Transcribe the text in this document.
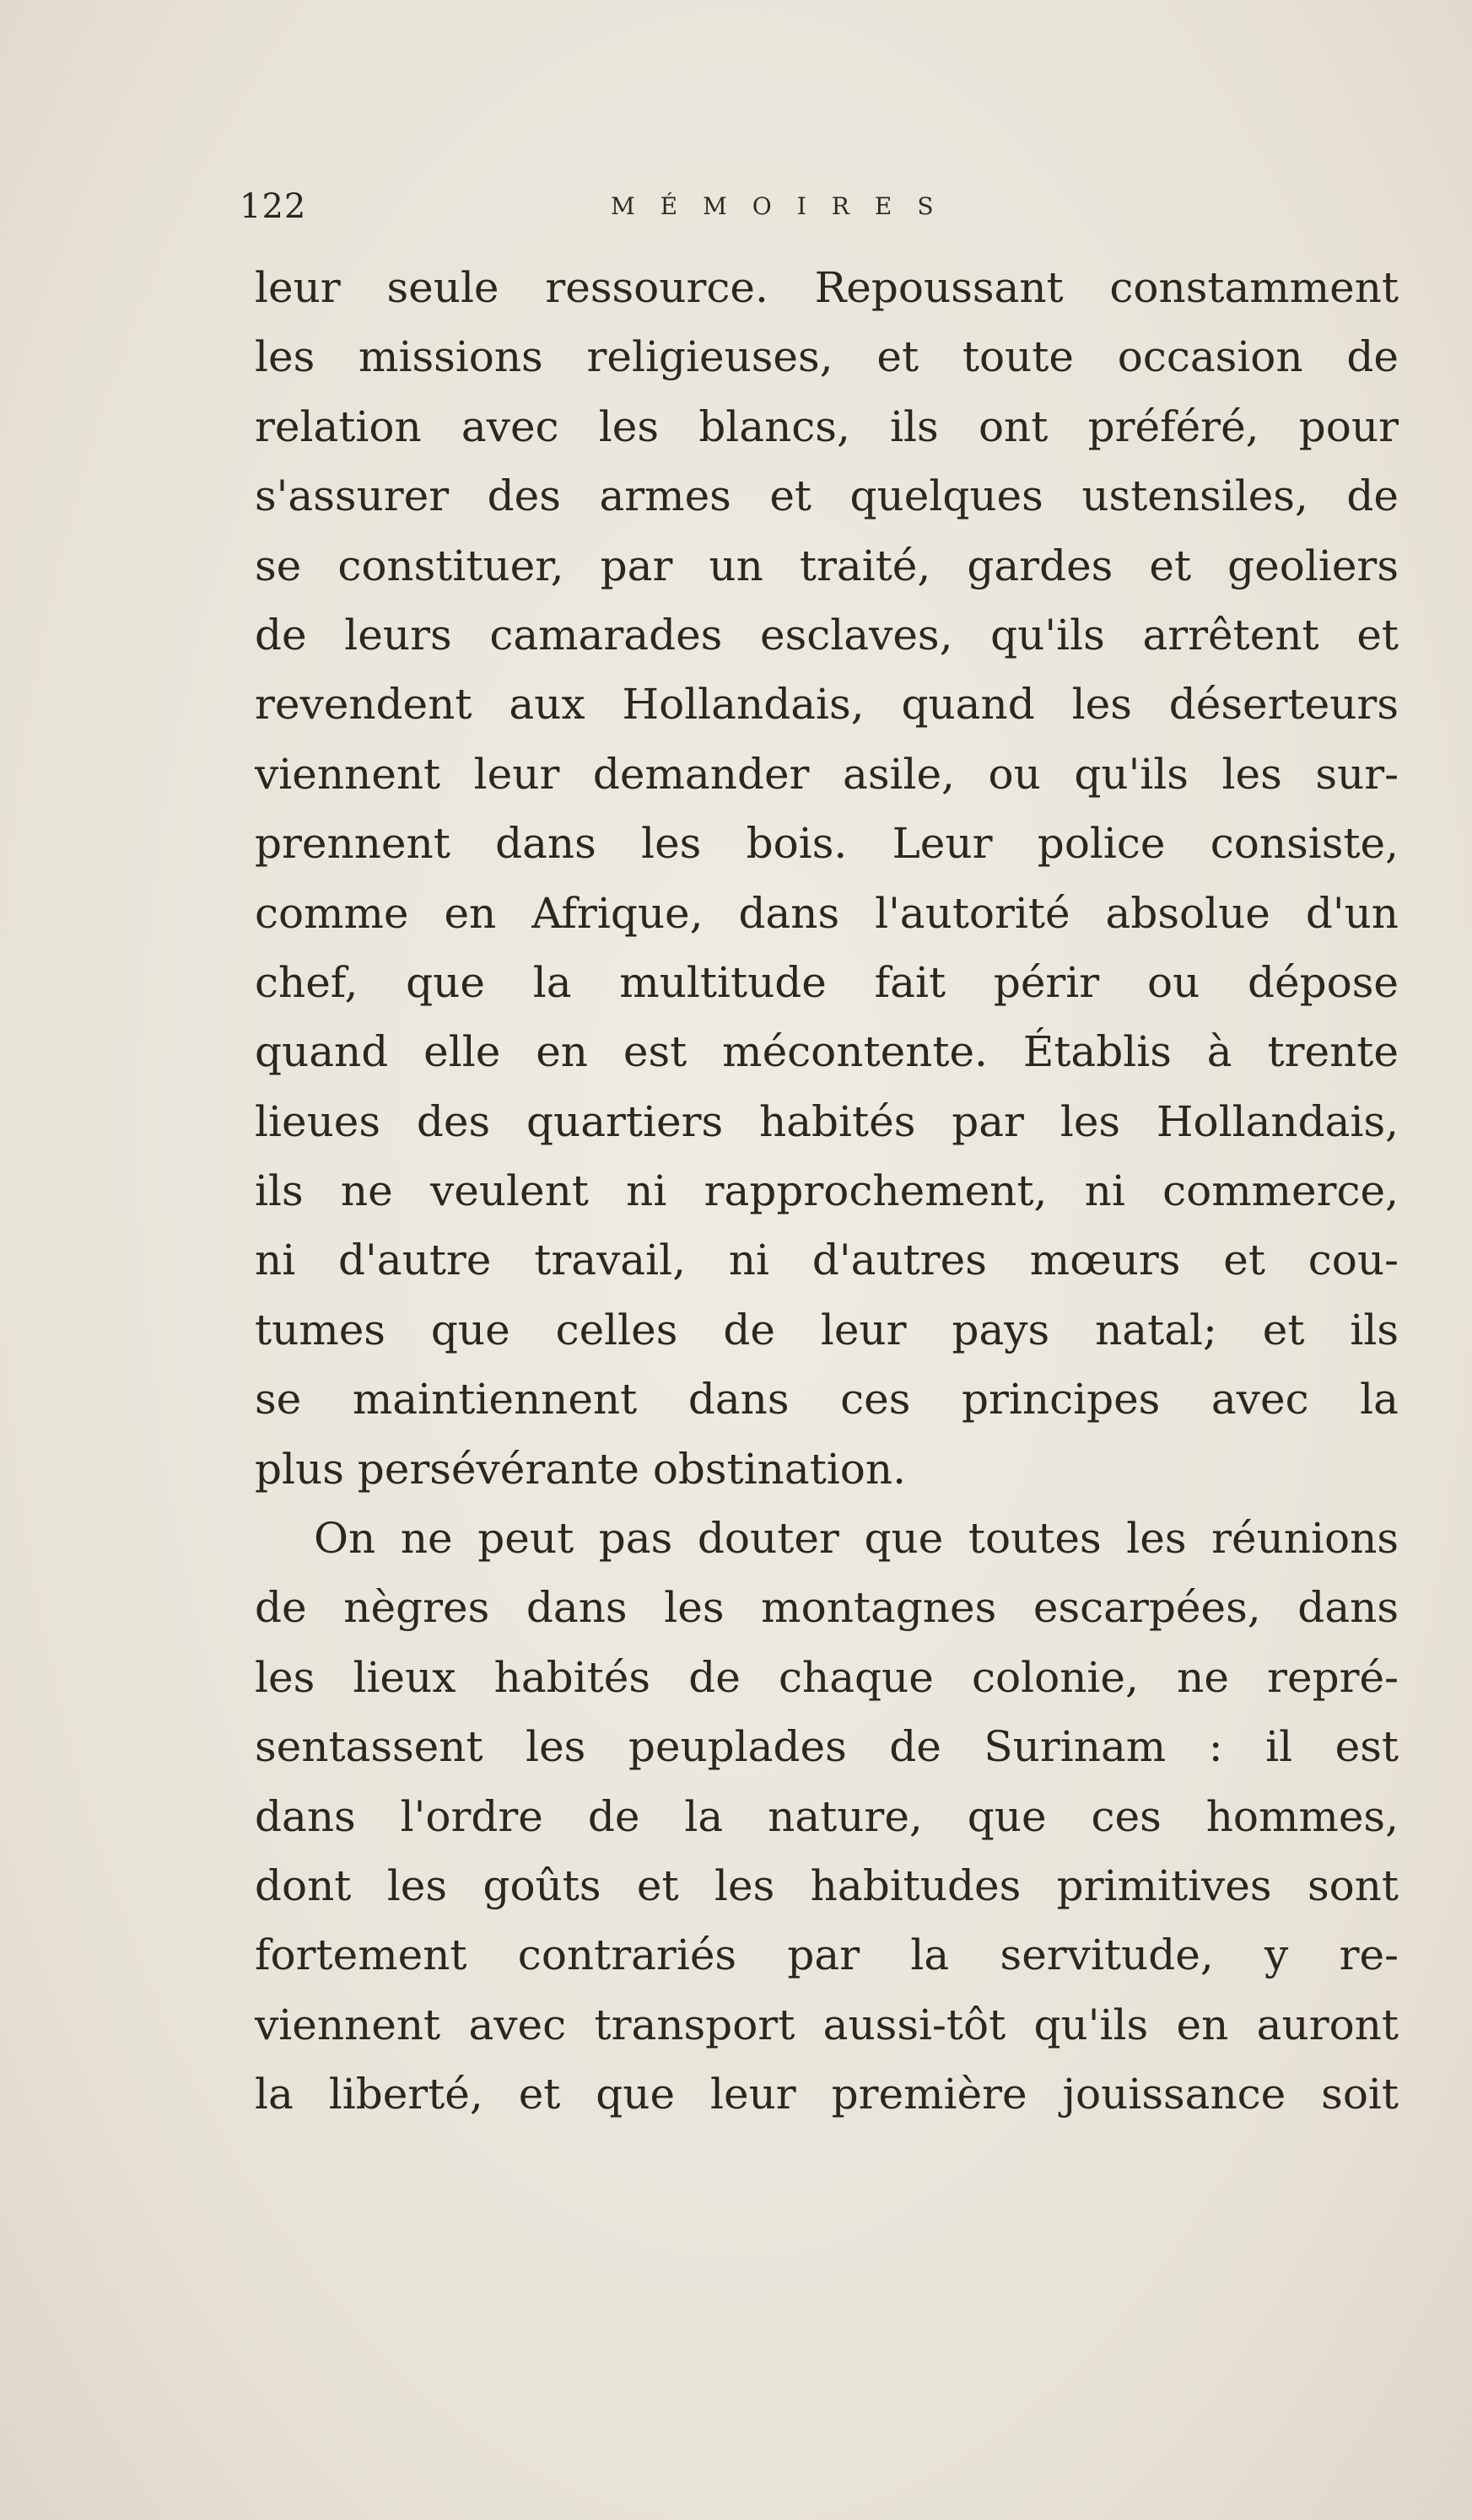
122	MÉMOIRES
leur seule ressource. Repoussant constamment
les missions religieuses, et toute occasion de
relation avec les blancs, ils ont préféré, pour
s'assurer des armes et quelques ustensiles, de
se constituer, par un traité, gardes et geoliers
de leurs camarades esclaves, qu'ils arrêtent et
revendent aux Hollandais, quand les déserteurs
viennent leur demander asile, ou qu'ils les sur-
prennent dans les bois. Leur police consiste,
comme en Afrique, dans l'autorité absolue d'un
chef, que la multitude fait périr ou dépose
quand elle en est mécontente. Établis à trente
lieues des quartiers habités par les Hollandais,
ils ne veulent ni rapprochement, ni commerce,
ni d'autre travail, ni d'autres mœurs et cou-
tumes que celles de leur pays natal; et ils
se maintiennent dans ces principes avec la
plus persévérante obstination.
On ne peut pas douter que toutes les réunions
de nègres dans les montagnes escarpées, dans
les lieux habités de chaque colonie, ne repré-
sentassent les peuplades de Surinam : il est
dans l'ordre de la nature, que ces hommes,
dont les goûts et les habitudes primitives sont
fortement contrariés par la servitude, y re-
viennent avec transport aussi-tôt qu'ils en auront
la liberté, et que leur première jouissance soit
